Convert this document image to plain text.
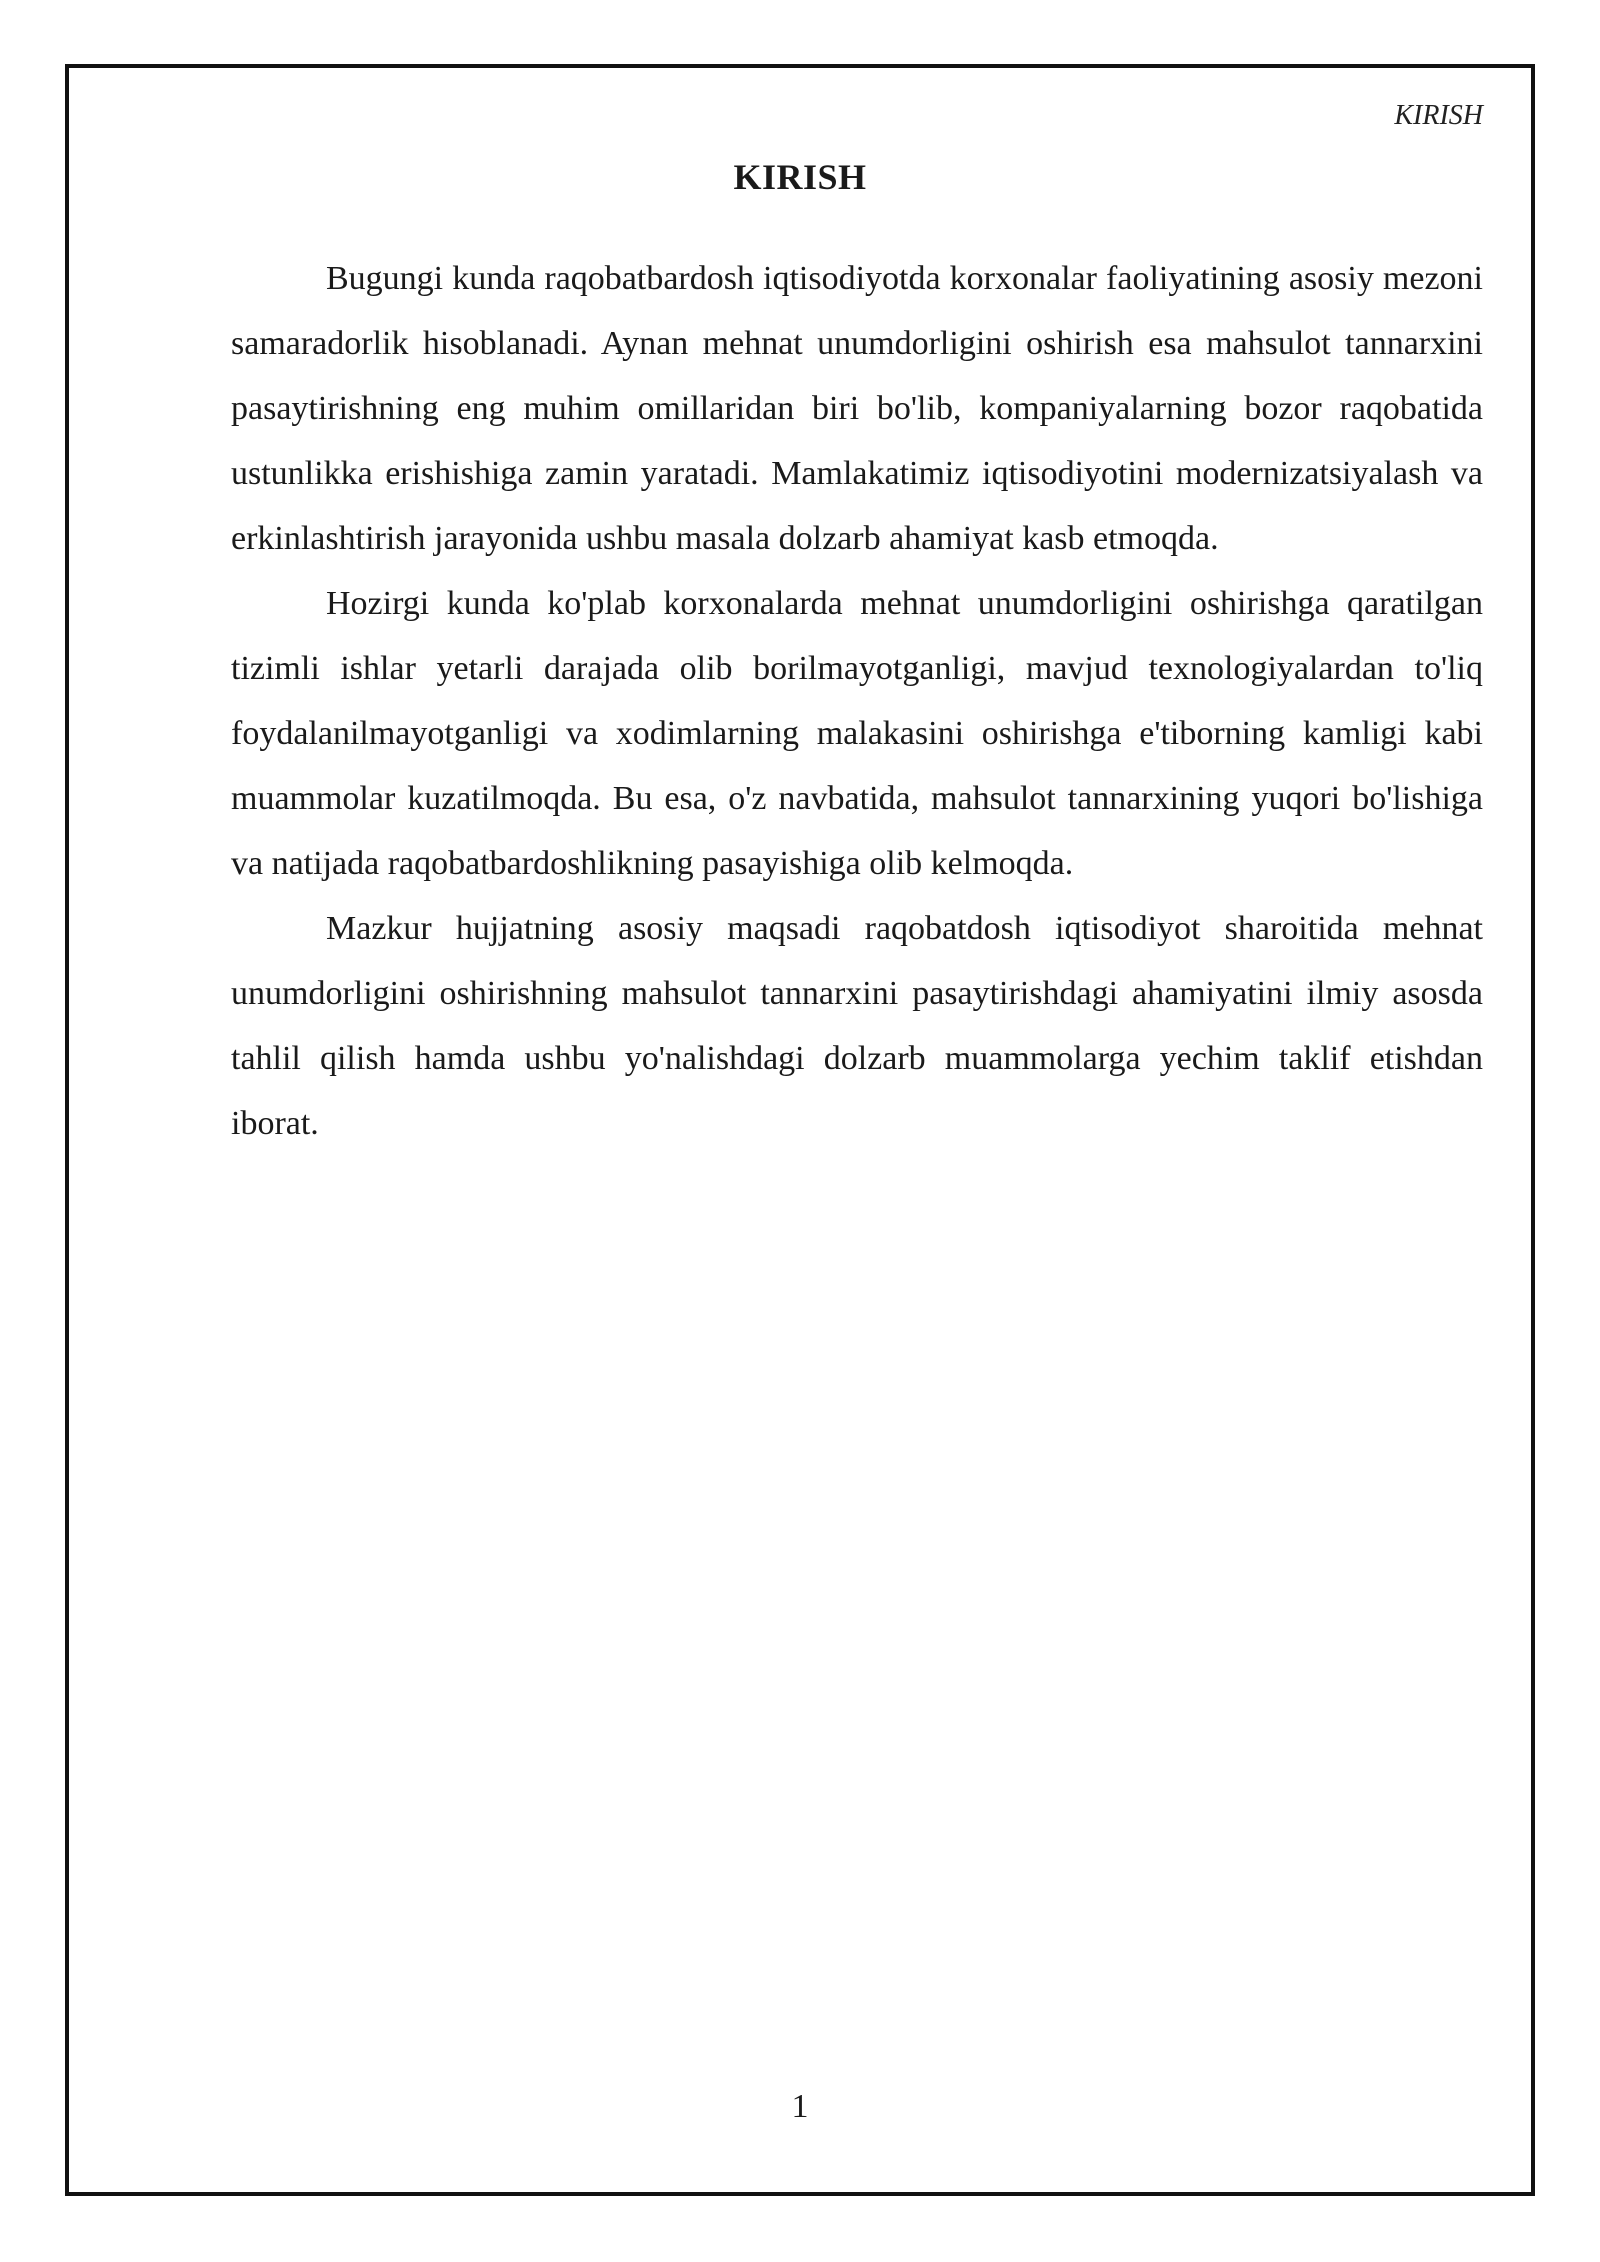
KIRISH
KIRISH

Bugungi kunda raqobatbardosh iqtisodiyotda korxonalar faoliyatining asosiy mezoni samaradorlik hisoblanadi. Aynan mehnat unumdorligini oshirish esa mahsulot tannarxini pasaytirishning eng muhim omillaridan biri bo'lib, kompaniyalarning bozor raqobatida ustunlikka erishishiga zamin yaratadi. Mamlakatimiz iqtisodiyotini modernizatsiyalash va erkinlashtirish jarayonida ushbu masala dolzarb ahamiyat kasb etmoqda.

Hozirgi kunda ko'plab korxonalarda mehnat unumdorligini oshirishga qaratilgan tizimli ishlar yetarli darajada olib borilmayotganligi, mavjud texnologiyalardan to'liq foydalanilmayotganligi va xodimlarning malakasini oshirishga e'tiborning kamligi kabi muammolar kuzatilmoqda. Bu esa, o'z navbatida, mahsulot tannarxining yuqori bo'lishiga va natijada raqobatbardoshlikning pasayishiga olib kelmoqda.

Mazkur hujjatning asosiy maqsadi raqobatdosh iqtisodiyot sharoitida mehnat unumdorligini oshirishning mahsulot tannarxini pasaytirishdagi ahamiyatini ilmiy asosda tahlil qilish hamda ushbu yo'nalishdagi dolzarb muammolarga yechim taklif etishdan iborat.

1
